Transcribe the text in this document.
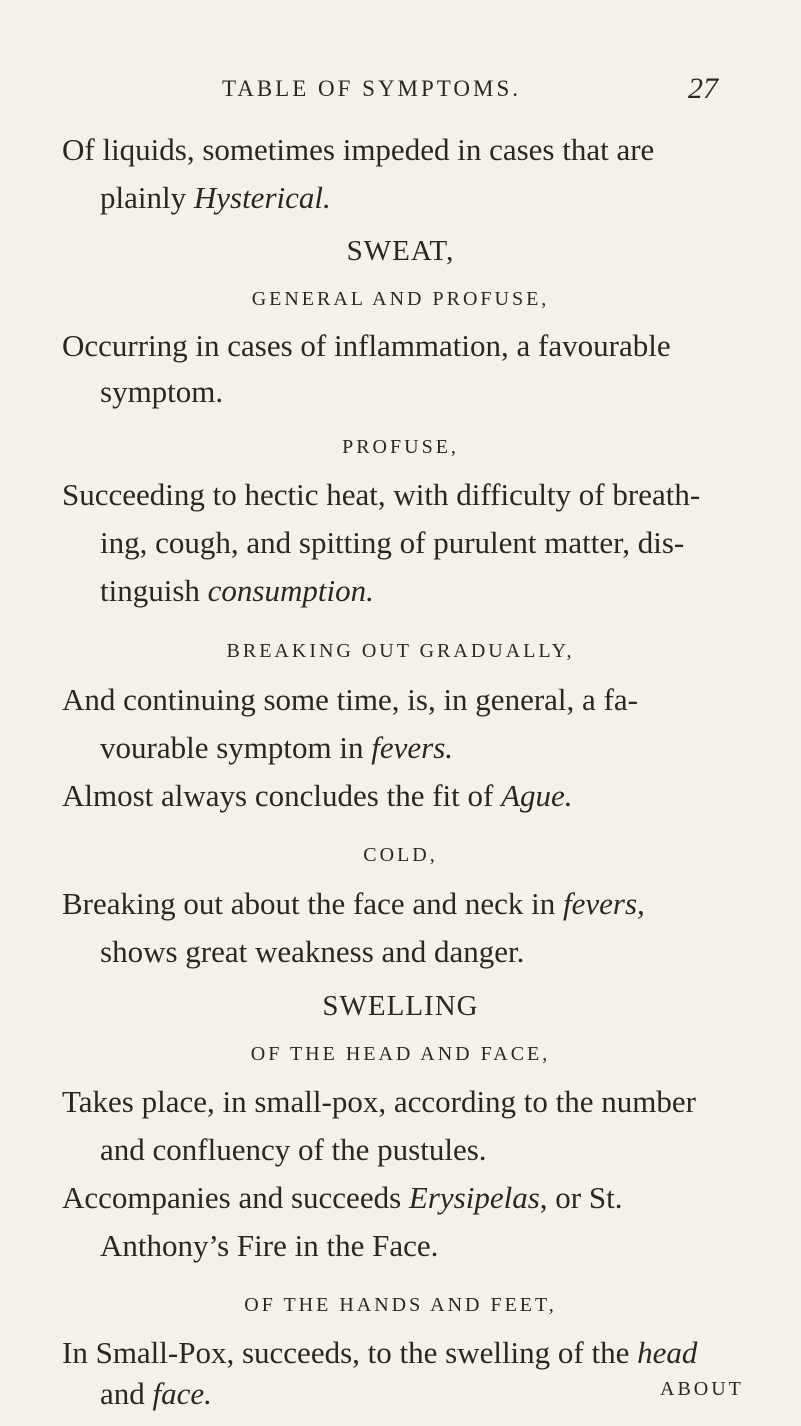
TABLE OF SYMPTOMS.	27
Of liquids, sometimes impeded in cases that are
plainly Hysterical.
SWEAT,
GENERAL AND PROFUSE,
Occurring in cases of inflammation, a favourable
symptom.
PROFUSE,
Succeeding to hectic heat, with difficulty of breath-
ing, cough, and spitting of purulent matter, dis-
tinguish consumption.
BREAKING OUT GRADUALLY,
And continuing some time, is, in general, a fa-
vourable symptom in fevers.
Almost always concludes the fit of Ague.
COLD,
Breaking out about the face and neck in fevers,
shows great weakness and danger.
SWELLING
OF THE HEAD AND FACE,
Takes place, in small-pox, according to the number
and confluency of the pustules.
Accompanies and succeeds Erysipelas, or St.
Anthony’s Fire in the Face.
OF THE HANDS AND FEET,
In Small-Pox, succeeds, to the swelling of the head
and face.	ABOUT
